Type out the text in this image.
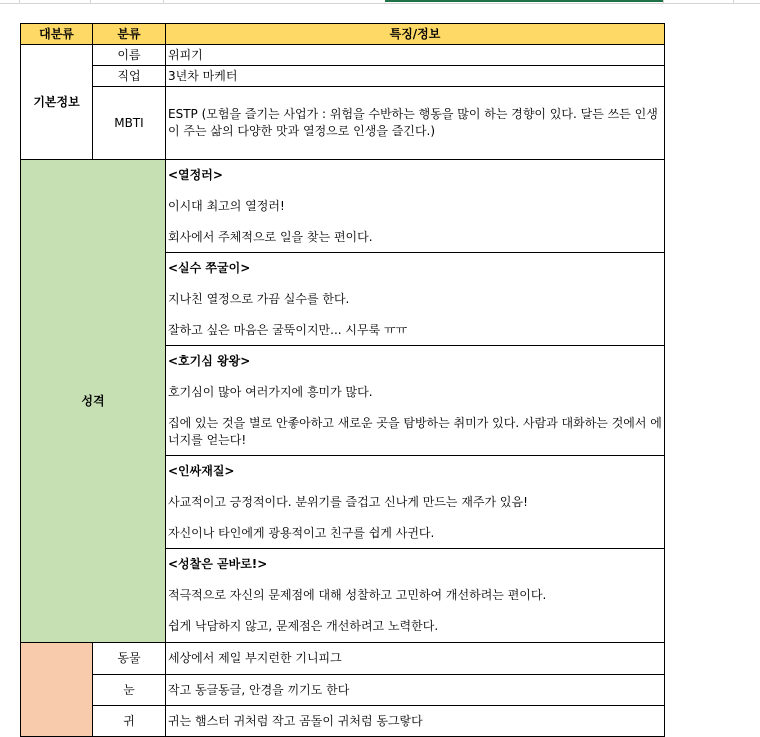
대분류	분류	특징/정보
기본정보	이름	위피기
	직업	3년차 마케터
	MBTI	ESTP (모험을 즐기는 사업가 : 위험을 수반하는 행동을 많이 하는 경향이 있다. 달든 쓰든 인생이 주는 삶의 다양한 맛과 열정으로 인생을 즐긴다.)
성격		<열정러>
이시대 최고의 열정러!
회사에서 주체적으로 일을 찾는 편이다.

		<실수 쭈굴이>
지나친 열정으로 가끔 실수를 한다.
잘하고 싶은 마음은 굴뚝이지만... 시무룩 ㅠㅠ

		<호기심 왕왕>
호기심이 많아 여러가지에 흥미가 많다.
집에 있는 것을 별로 안좋아하고 새로운 곳을 탐방하는 취미가 있다. 사람과 대화하는 것에서 에너지를 얻는다!

		<인싸재질>
사교적이고 긍정적이다. 분위기를 즐겁고 신나게 만드는 재주가 있음!
자신이나 타인에게 광용적이고 친구를 쉽게 사귄다.

		<성찰은 곧바로!>
적극적으로 자신의 문제점에 대해 성찰하고 고민하여 개선하려는 편이다.
쉽게 낙담하지 않고, 문제점은 개선하려고 노력한다.

	동물	세상에서 제일 부지런한 기니피그
	눈	작고 동글동글, 안경을 끼기도 한다
	귀	귀는 햄스터 귀처럼 작고 곰돌이 귀처럼 동그랗다
